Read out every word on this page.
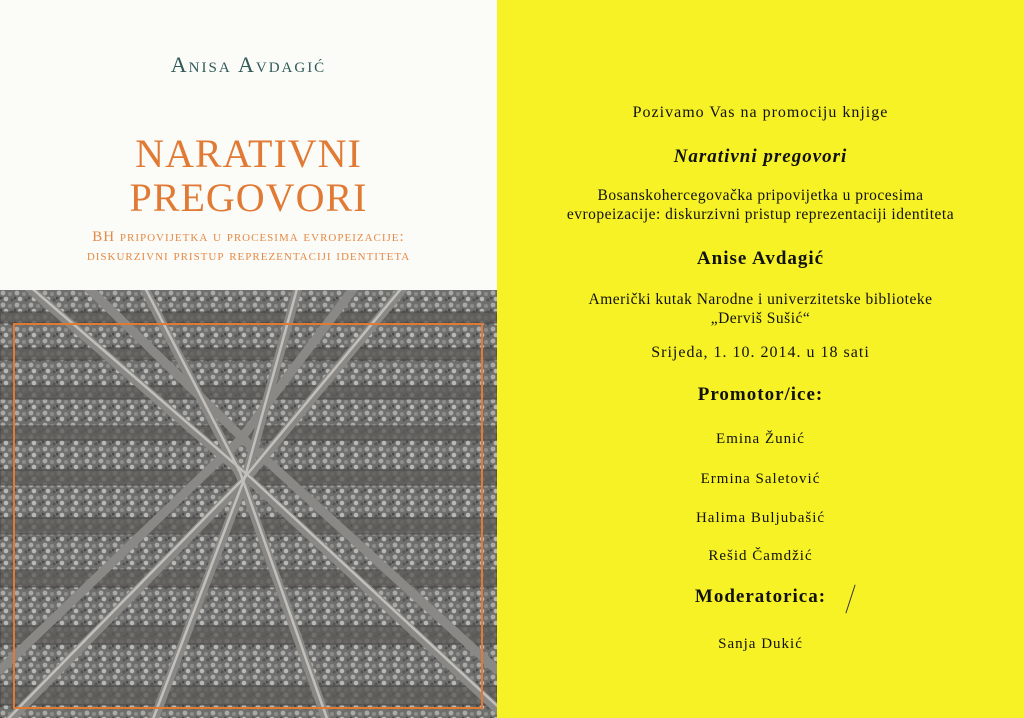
Anisa Avdagić
NARATIVNI
PREGOVORI
BH pripovijetka u procesima evropeizacije:
diskurzivni pristup reprezentaciji identiteta
Pozivamo Vas na promociju knjige
Narativni pregovori
Bosanskohercegovačka pripovijetka u procesima
evropeizacije: diskurzivni pristup reprezentaciji identiteta
Anise Avdagić
Američki kutak Narodne i univerzitetske biblioteke
„Derviš Sušić“
Srijeda, 1. 10. 2014. u 18 sati
Promotor/ice:
Emina Žunić
Ermina Saletović
Halima Buljubašić
Rešid Čamdžić
Moderatorica:
Sanja Dukić
